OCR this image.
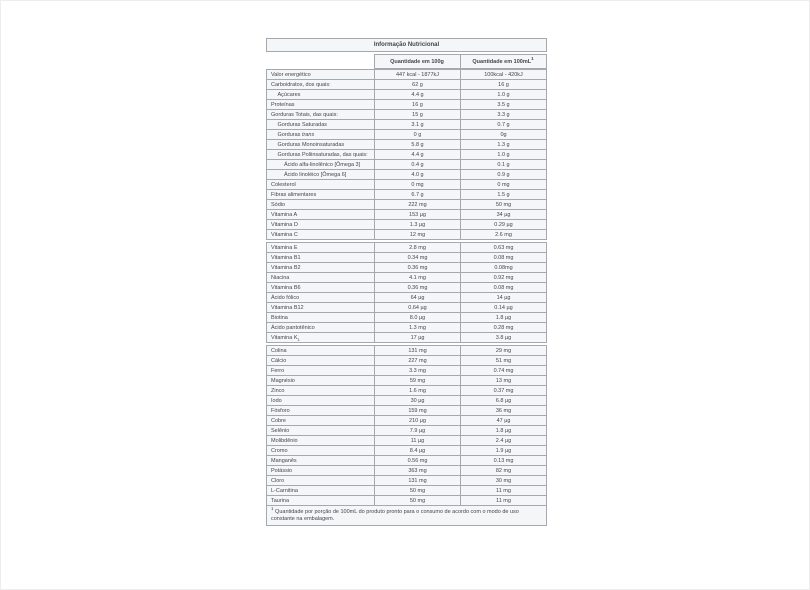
Informação Nutricional
	Quantidade em 100g	Quantidade em $100mL^1$
Valor energético	447 kcal - 1877kJ	100kcal - 420kJ
Carboidratos, dos quais:	62 g	16 g
Açúcares	4.4 g	1.0 g
Proteínas	16 g	3.5 g
Gorduras Totais, das quais:	15 g	3.3 g
Gorduras Saturadas	3.1 g	0.7 g
Gorduras trans	0 g	0g
Gorduras Monoinsaturadas	5.8 g	1.3 g
Gorduras Poliinsaturadas, das quais:	4.4 g	1.0 g
Ácido alfa-linolênico [Ômega 3]	0.4 g	0.1 g
Ácido linoléico [Ômega 6]	4.0 g	0.9 g
Colesterol	0 mg	0 mg
Fibras alimentares	6.7 g	1.5 g
Sódio	222 mg	50 mg
Vitamina A	153 µg	34 µg
Vitamina D	1.3 µg	0.29 µg
Vitamina C	12 mg	2.6 mg
Vitamina E	2.8 mg	0.63 mg
Vitamina B1	0.34 mg	0.08 mg
Vitamina B2	0.36 mg	0.08mg
Niacina	4.1 mg	0.92 mg
Vitamina B6	0.36 mg	0.08 mg
Ácido fólico	64 µg	14 µg
Vitamina B12	0.64 µg	0.14 µg
Biotina	8.0 µg	1.8 µg
Ácido pantotênico	1.3 mg	0.28 mg
Vitamina $K_1$	17 µg	3.8 µg
Colina	131 mg	29 mg
Cálcio	227 mg	51 mg
Ferro	3.3 mg	0.74 mg
Magnésio	59 mg	13 mg
Zinco	1.6 mg	0.37 mg
Iodo	30 µg	6.8 µg
Fósforo	159 mg	36 mg
Cobre	210 µg	47 µg
Selênio	7.9 µg	1.8 µg
Molibdênio	11 µg	2.4 µg
Cromo	8.4 µg	1.9 µg
Manganês	0.56 mg	0.13 mg
Potássio	363 mg	82 mg
Cloro	131 mg	30 mg
L-Carnitina	50 mg	11 mg
Taurina	50 mg	11 mg
$^1$ Quantidade por porção de 100mL do produto pronto para o consumo de acordo com o modo de uso constante na embalagem.
